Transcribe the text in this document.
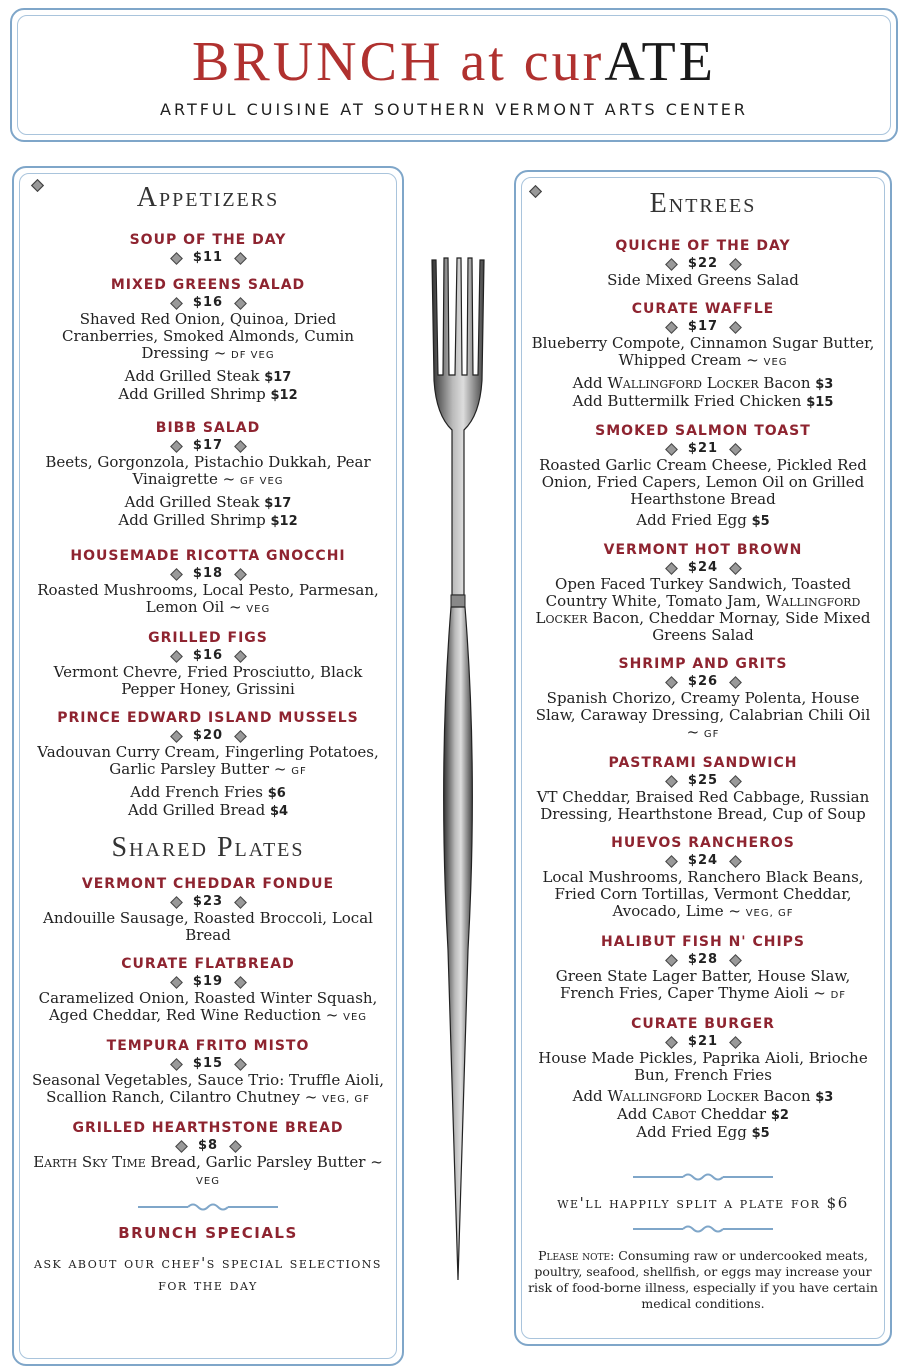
BRUNCH at curATE
ARTFUL CUISINE AT SOUTHERN VERMONT ARTS CENTER
Appetizers
SOUP OF THE DAY
$11
MIXED GREENS SALAD
$16
Shaved Red Onion, Quinoa, Dried Cranberries, Smoked Almonds, Cumin Dressing ~ DF VEG
Add Grilled Steak $17
Add Grilled Shrimp $12
BIBB SALAD
$17
Beets, Gorgonzola, Pistachio Dukkah, Pear Vinaigrette ~ GF VEG
Add Grilled Steak $17
Add Grilled Shrimp $12
HOUSEMADE RICOTTA GNOCCHI
$18
Roasted Mushrooms, Local Pesto, Parmesan, Lemon Oil ~ VEG
GRILLED FIGS
$16
Vermont Chevre, Fried Prosciutto, Black Pepper Honey, Grissini
PRINCE EDWARD ISLAND MUSSELS
$20
Vadouvan Curry Cream, Fingerling Potatoes, Garlic Parsley Butter ~ GF
Add French Fries $6
Add Grilled Bread $4
Shared Plates
VERMONT CHEDDAR FONDUE
$23
Andouille Sausage, Roasted Broccoli, Local Bread
CURATE FLATBREAD
$19
Caramelized Onion, Roasted Winter Squash, Aged Cheddar, Red Wine Reduction ~ VEG
TEMPURA FRITO MISTO
$15
Seasonal Vegetables, Sauce Trio: Truffle Aioli, Scallion Ranch, Cilantro Chutney ~ VEG, GF
GRILLED HEARTHSTONE BREAD
$8
Earth Sky Time Bread, Garlic Parsley Butter ~ VEG
BRUNCH SPECIALS
ask about our chef's special selections for the day
Entrees
QUICHE OF THE DAY
$22
Side Mixed Greens Salad
CURATE WAFFLE
$17
Blueberry Compote, Cinnamon Sugar Butter, Whipped Cream ~ VEG
Add Wallingford Locker Bacon $3
Add Buttermilk Fried Chicken $15
SMOKED SALMON TOAST
$21
Roasted Garlic Cream Cheese, Pickled Red Onion, Fried Capers, Lemon Oil on Grilled Hearthstone Bread
Add Fried Egg $5
VERMONT HOT BROWN
$24
Open Faced Turkey Sandwich, Toasted Country White, Tomato Jam, Wallingford Locker Bacon, Cheddar Mornay, Side Mixed Greens Salad
SHRIMP AND GRITS
$26
Spanish Chorizo, Creamy Polenta, House Slaw, Caraway Dressing, Calabrian Chili Oil ~ GF
PASTRAMI SANDWICH
$25
VT Cheddar, Braised Red Cabbage, Russian Dressing, Hearthstone Bread, Cup of Soup
HUEVOS RANCHEROS
$24
Local Mushrooms, Ranchero Black Beans, Fried Corn Tortillas, Vermont Cheddar, Avocado, Lime ~ VEG, GF
HALIBUT FISH N' CHIPS
$28
Green State Lager Batter, House Slaw, French Fries, Caper Thyme Aioli ~ DF
CURATE BURGER
$21
House Made Pickles, Paprika Aioli, Brioche Bun, French Fries
Add Wallingford Locker Bacon $3
Add Cabot Cheddar $2
Add Fried Egg $5
we'll happily split a plate for $6
Please note: Consuming raw or undercooked meats, poultry, seafood, shellfish, or eggs may increase your risk of food-borne illness, especially if you have certain medical conditions.
